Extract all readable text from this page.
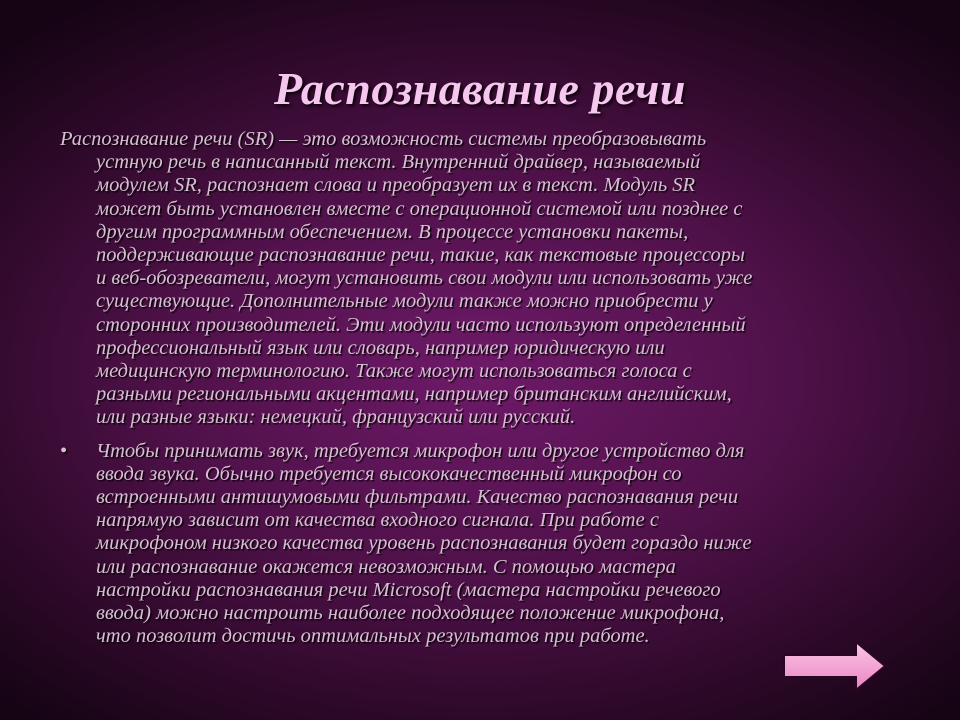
Распознавание речи
Распознавание речи (SR) — это возможность системы преобразовывать
устную речь в написанный текст. Внутренний драйвер, называемый
модулем SR, распознает слова и преобразует их в текст. Модуль SR
может быть установлен вместе с операционной системой или позднее с
другим программным обеспечением. В процессе установки пакеты,
поддерживающие распознавание речи, такие, как текстовые процессоры
и веб-обозреватели, могут установить свои модули или использовать уже
существующие. Дополнительные модули также можно приобрести у
сторонних производителей. Эти модули часто используют определенный
профессиональный язык или словарь, например юридическую или
медицинскую терминологию. Также могут использоваться голоса с
разными региональными акцентами, например британским английским,
или разные языки: немецкий, французский или русский.
•	Чтобы принимать звук, требуется микрофон или другое устройство для
ввода звука. Обычно требуется высококачественный микрофон со
встроенными антишумовыми фильтрами. Качество распознавания речи
напрямую зависит от качества входного сигнала. При работе с
микрофоном низкого качества уровень распознавания будет гораздо ниже
или распознавание окажется невозможным. С помощью мастера
настройки распознавания речи Microsoft (мастера настройки речевого
ввода) можно настроить наиболее подходящее положение микрофона,
что позволит достичь оптимальных результатов при работе.
